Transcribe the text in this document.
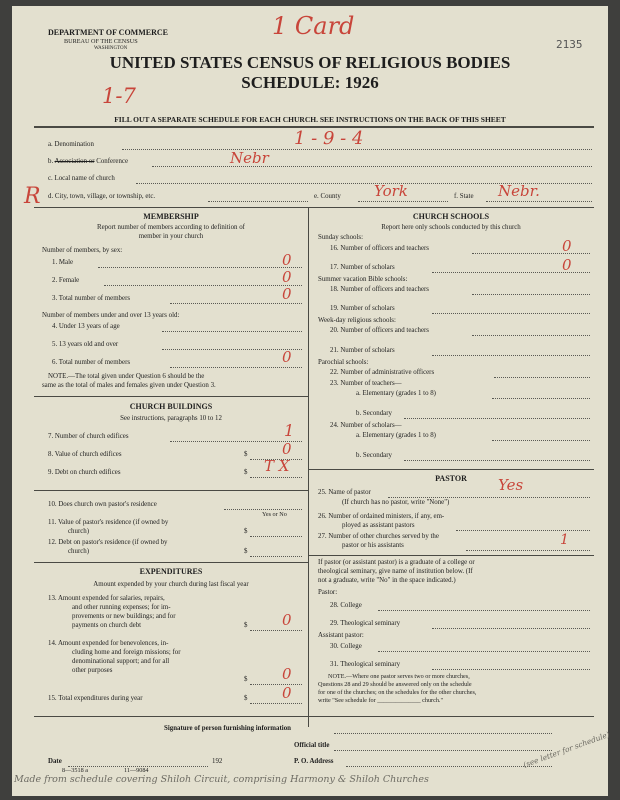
DEPARTMENT OF COMMERCE
BUREAU OF THE CENSUS
WASHINGTON
1 Card
2135
UNITED STATES CENSUS OF RELIGIOUS BODIES
SCHEDULE: 1926
1-7
FILL OUT A SEPARATE SCHEDULE FOR EACH CHURCH. SEE INSTRUCTIONS ON THE BACK OF THIS SHEET
a. Denomination	1 - 9 - 4
b. Association or Conference	Nebr
c. Local name of church
R d. City, town, village, or township, etc.	e. County York	f. State Nebr.
MEMBERSHIP
Report number of members according to definition of
member in your church
Number of members, by sex:
1. Male	0
2. Female	0
3. Total number of members	0
Number of members under and over 13 years old:
4. Under 13 years of age
5. 13 years old and over
6. Total number of members	0
NOTE.—The total given under Question 6 should be the
same as the total of males and females given under Question 3.
CHURCH BUILDINGS
See instructions, paragraphs 10 to 12
7. Number of church edifices	1
8. Value of church edifices	$ 0
9. Debt on church edifices	$ T X
10. Does church own pastor's residence
Yes or No
11. Value of pastor's residence (if owned by
church)	$
12. Debt on pastor's residence (if owned by
church)	$
EXPENDITURES
Amount expended by your church during last fiscal year
13. Amount expended for salaries, repairs,
and other running expenses; for im-
provements or new buildings; and for
payments on church debt	$ 0
14. Amount expended for benevolences, in-
cluding home and foreign missions; for
denominational support; and for all
other purposes
$ 0
15. Total expenditures during year	$ 0
CHURCH SCHOOLS
Report here only schools conducted by this church
Sunday schools:
16. Number of officers and teachers	0
17. Number of scholars	0
Summer vacation Bible schools:
18. Number of officers and teachers
19. Number of scholars
Week-day religious schools:
20. Number of officers and teachers
21. Number of scholars
Parochial schools:
22. Number of administrative officers
23. Number of teachers—
a. Elementary (grades 1 to 8)
b. Secondary
24. Number of scholars—
a. Elementary (grades 1 to 8)
b. Secondary
PASTOR
25. Name of pastor	Yes
(If church has no pastor, write "None")
26. Number of ordained ministers, if any, em-
ployed as assistant pastors
27. Number of other churches served by the
pastor or his assistants	1
If pastor (or assistant pastor) is a graduate of a college or
theological seminary, give name of institution below. (If
not a graduate, write "No" in the space indicated.)
Pastor:
28. College
29. Theological seminary
Assistant pastor:
30. College
31. Theological seminary
NOTE.—Where one pastor serves two or more churches,
Questions 28 and 29 should be answered only on the schedule
for one of the churches; on the schedules for the other churches,
write "See schedule for ______________ church."
Signature of person furnishing information
Official title
Date	192	P. O. Address
8—3518 a	11—9084
Made from schedule covering Shiloh Circuit, comprising Harmony & Shiloh Churches
(see letter for schedule)
